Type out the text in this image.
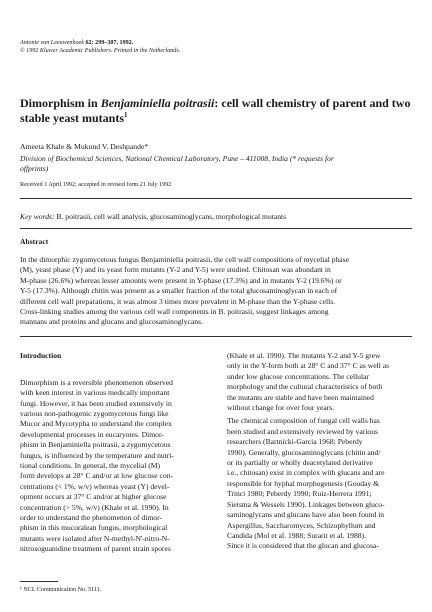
Antonie van Leeuwenhoek 62: 299–307, 1992.
© 1992 Kluwer Academic Publishers. Printed in the Netherlands.
Dimorphism in Benjaminiella poitrasii: cell wall chemistry of parent and two
stable yeast mutants$^1$
Ameeta Khale & Mukund V. Deshpande*
Division of Biochemical Sciences, National Chemical Laboratory, Pune – 411008, India (* requests for
offprints)
Received 1 April 1992; accepted in revised form 21 July 1992
Key words: B. poitrasii, cell wall analysis, glucosaminoglycans, morphological mutants
Abstract
In the dimorphic zygomycetous fungus Benjaminiella poitrasii, the cell wall compositions of mycelial phase
(M), yeast phase (Y) and its yeast form mutants (Y-2 and Y-5) were studied. Chitosan was abundant in
M-phase (26.6%) whereas lesser amounts were present in Y-phase (17.3%) and in mutants Y-2 (19.6%) or
Y-5 (17.3%). Although chitin was present as a smaller fraction of the total glucosaminoglycan in each of
different cell wall preparations, it was almost 3 times more prevalent in M-phase than the Y-phase cells.
Cross-linking studies among the various cell wall components in B. poitrasii, suggest linkages among
mannans and proteins and glucans and glucosaminoglycans.
Introduction
Dimorphism is a reversible phenomenon observed
with keen interest in various medically important
fungi. However, it has been studied extensively in
various non-pathogenic zygomycetous fungi like
Mucor and Mycotypha to understand the complex
developmental processes in eucaryotes. Dimor-
phism in Benjaminiella poitrasii, a zygomycetous
fungus, is influenced by the temperature and nutri-
tional conditions. In general, the mycelial (M)
form develops at 28° C and/or at low glucose con-
centrations (< 1%, w/v) whereas yeast (Y) devel-
opment occurs at 37° C and/or at higher glucose
concentration (> 5%, w/v) (Khale et al. 1990). In
order to understand the phenomenon of dimor-
phism in this mucoralean fungus, morphological
mutants were isolated after N-methyl-N'-nitro-N-
nitrosoguanidine treatment of parent strain spores
(Khale et al. 1990). The mutants Y-2 and Y-5 grew
only in the Y-form both at 28° C and 37° C as well as
under low glucose concentrations. The cellular
morphology and the cultural characteristics of both
the mutants are stable and have been maintained
without change for over four years.
The chemical composition of fungal cell walls has
been studied and extensively reviewed by various
researchers (Bartnicki-Garcia 1968; Peberdy
1990). Generally, glucosaminoglycans (chitin and/
or its partially or wholly deacetylated derivative
i.e., chitosan) exist in complex with glucans and are
responsible for hyphal morphogenesis (Gooday &
Trinci 1980; Peberdy 1990; Ruiz-Herrera 1991;
Sietsma & Wessels 1990). Linkages between gluco-
saminoglycans and glucans have also been found in
Aspergillus, Saccharomyces, Schizophyllum and
Candida (Mol et al. 1988; Surarit et al. 1988).
Since it is considered that the glucan and glucosa-
¹ NCL Communication No. 5111.
